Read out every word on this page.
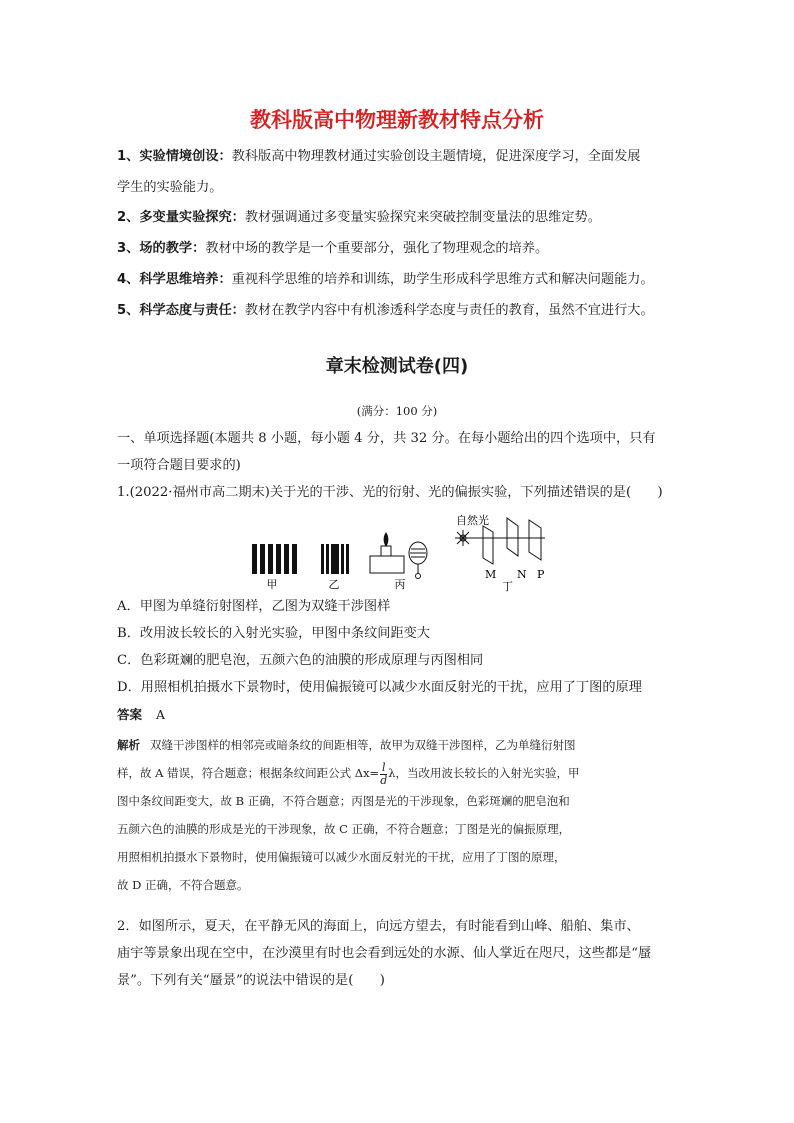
教科版高中物理新教材特点分析
1、实验情境创设：教科版高中物理教材通过实验创设主题情境，促进深度学习，全面发展
学生的实验能力。
2、多变量实验探究：教材强调通过多变量实验探究来突破控制变量法的思维定势。
3、场的教学：教材中场的教学是一个重要部分，强化了物理观念的培养。
4、科学思维培养：重视科学思维的培养和训练，助学生形成科学思维方式和解决问题能力。
5、科学态度与责任：教材在教学内容中有机渗透科学态度与责任的教育，虽然不宜进行大。
章末检测试卷(四)
(满分：100 分)
一、单项选择题(本题共 8 小题，每小题 4 分，共 32 分。在每小题给出的四个选项中，只有
一项符合题目要求的)
1.(2022·福州市高二期末)关于光的干涉、光的衍射、光的偏振实验，下列描述错误的是(　　)
甲	乙	丙
自然光
M
丁
N P
A．甲图为单缝衍射图样，乙图为双缝干涉图样
B．改用波长较长的入射光实验，甲图中条纹间距变大
C．色彩斑斓的肥皂泡，五颜六色的油膜的形成原理与丙图相同
D．用照相机拍摄水下景物时，使用偏振镜可以减少水面反射光的干扰，应用了丁图的原理
答案 A
解析 双缝干涉图样的相邻亮或暗条纹的间距相等，故甲为双缝干涉图样，乙为单缝衍射图
样，故 A 错误，符合题意；根据条纹间距公式 $\Delta x= \frac{l}{d}$ λ，当改用波长较长的入射光实验，甲
图中条纹间距变大，故 B 正确，不符合题意；丙图是光的干涉现象，色彩斑斓的肥皂泡和
五颜六色的油膜的形成是光的干涉现象，故 C 正确，不符合题意；丁图是光的偏振原理，
用照相机拍摄水下景物时，使用偏振镜可以减少水面反射光的干扰，应用了丁图的原理，
故 D 正确，不符合题意。
2．如图所示，夏天，在平静无风的海面上，向远方望去，有时能看到山峰、船舶、集市、
庙宇等景象出现在空中，在沙漠里有时也会看到远处的水源、仙人掌近在咫尺，这些都是“蜃
景”。下列有关“蜃景”的说法中错误的是(　　)
